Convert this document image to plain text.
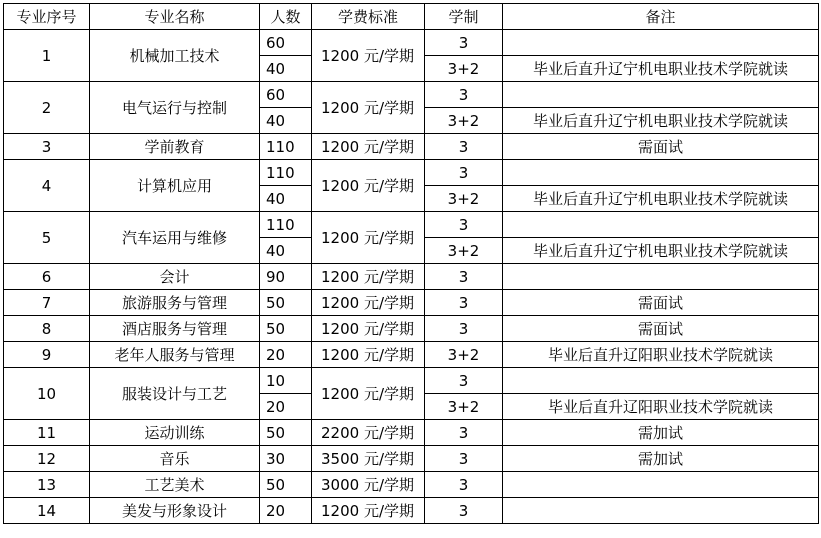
专业序号	专业名称	人数	学费标准	学制	备注
1	机械加工技术	60	1200 元/学期	3	
		40		3+2	毕业后直升辽宁机电职业技术学院就读
2	电气运行与控制	60	1200 元/学期	3	
		40		3+2	毕业后直升辽宁机电职业技术学院就读
3	学前教育	110	1200 元/学期	3	需面试
4	计算机应用	110	1200 元/学期	3	
		40		3+2	毕业后直升辽宁机电职业技术学院就读
5	汽车运用与维修	110	1200 元/学期	3	
		40		3+2	毕业后直升辽宁机电职业技术学院就读
6	会计	90	1200 元/学期	3	
7	旅游服务与管理	50	1200 元/学期	3	需面试
8	酒店服务与管理	50	1200 元/学期	3	需面试
9	老年人服务与管理	20	1200 元/学期	3+2	毕业后直升辽阳职业技术学院就读
10	服装设计与工艺	10	1200 元/学期	3	
		20		3+2	毕业后直升辽阳职业技术学院就读
11	运动训练	50	2200 元/学期	3	需加试
12	音乐	30	3500 元/学期	3	需加试
13	工艺美术	50	3000 元/学期	3	
14	美发与形象设计	20	1200 元/学期	3	
